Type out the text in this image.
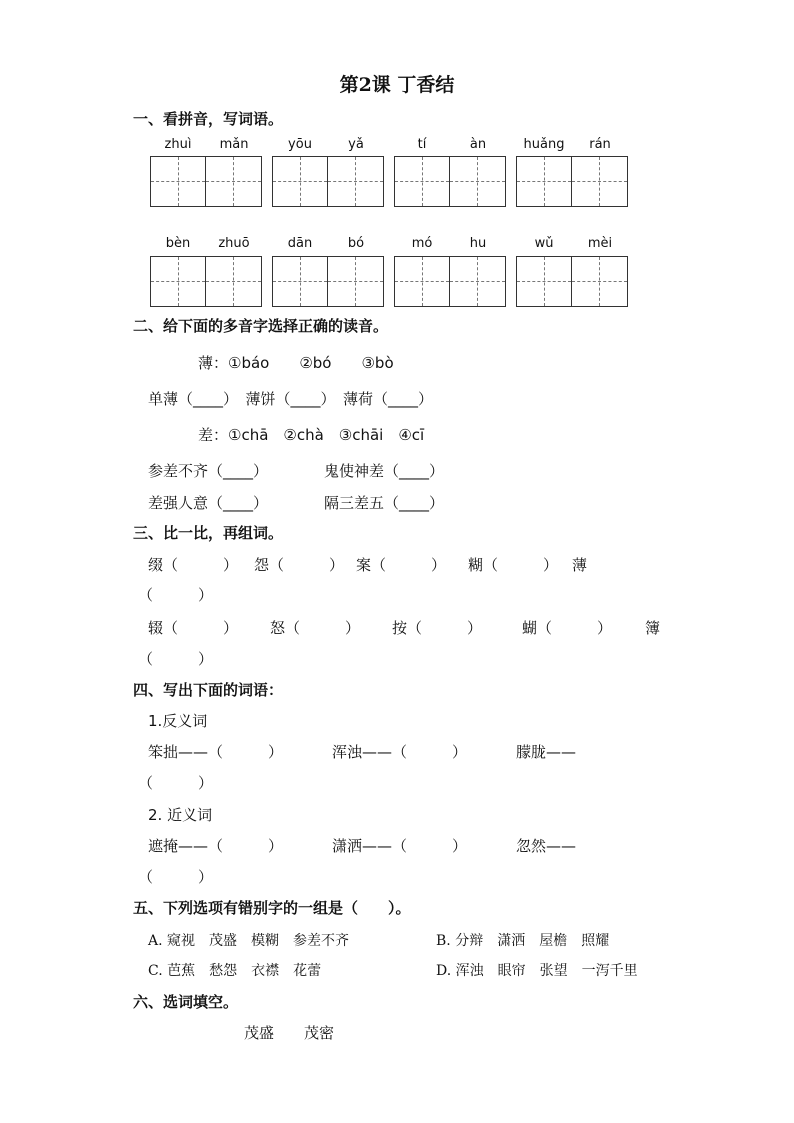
第2课 丁香结
一、看拼音，写词语。
zhuì	mǎn	yōu	yǎ	tí	àn	huǎng	rán
bèn	zhuō	dān	bó	mó	hu	wǔ	mèi
二、给下面的多音字选择正确的读音。
薄：①báo　　②bó　　③bò
单薄（____）　薄饼（____）　薄荷（____）
差：①chā　②chà　③chāi　④cī
参差不齐（____）	鬼使神差（____）
差强人意（____）	隔三差五（____）
三、比一比，再组词。
缀（　　　） 怨（　　　） 案（　　　） 糊（　　　） 薄
（　　　）
辍（　　　） 怒（　　　） 按（　　　）	蝴（　　　） 簿
（　　　）
四、写出下面的词语：
1.反义词
笨拙——（　　　）	浑浊——（　　　）	朦胧——
（　　　）
2. 近义词
遮掩——（　　　）	潇洒——（　　　）	忽然——
（　　　）
五、下列选项有错别字的一组是（　　）。
A. 窥视　茂盛　模糊　参差不齐	B. 分辩　潇洒　屋檐　照耀
C. 芭蕉　愁怨　衣襟　花蕾	D. 浑浊　眼帘　张望　一泻千里
六、选词填空。
茂盛　　茂密
